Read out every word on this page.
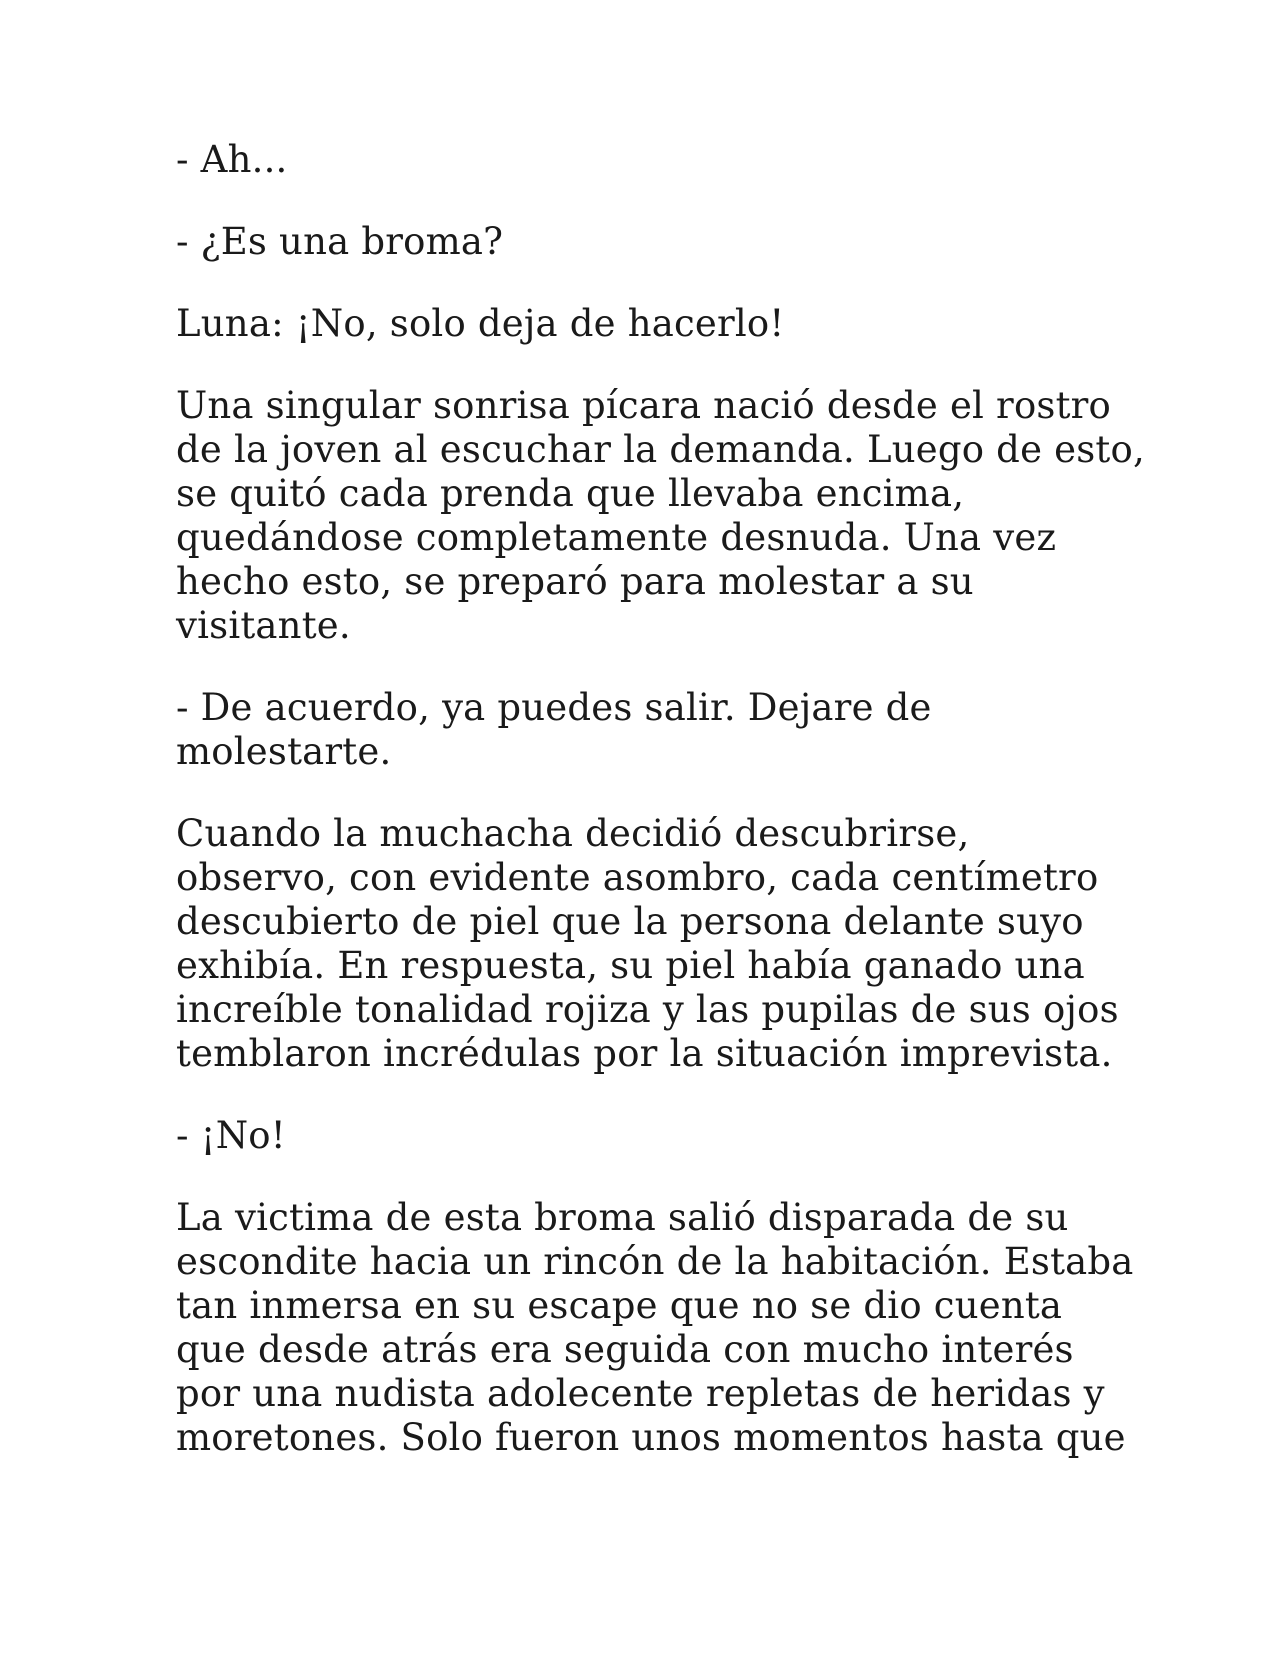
- Ah...

- ¿Es una broma?

Luna: ¡No, solo deja de hacerlo!

Una singular sonrisa pícara nació desde el rostro
de la joven al escuchar la demanda. Luego de esto,
se quitó cada prenda que llevaba encima,
quedándose completamente desnuda. Una vez
hecho esto, se preparó para molestar a su
visitante.

- De acuerdo, ya puedes salir. Dejare de
molestarte.

Cuando la muchacha decidió descubrirse,
observo, con evidente asombro, cada centímetro
descubierto de piel que la persona delante suyo
exhibía. En respuesta, su piel había ganado una
increíble tonalidad rojiza y las pupilas de sus ojos
temblaron incrédulas por la situación imprevista.

- ¡No!

La victima de esta broma salió disparada de su
escondite hacia un rincón de la habitación. Estaba
tan inmersa en su escape que no se dio cuenta
que desde atrás era seguida con mucho interés
por una nudista adolecente repletas de heridas y
moretones. Solo fueron unos momentos hasta que
